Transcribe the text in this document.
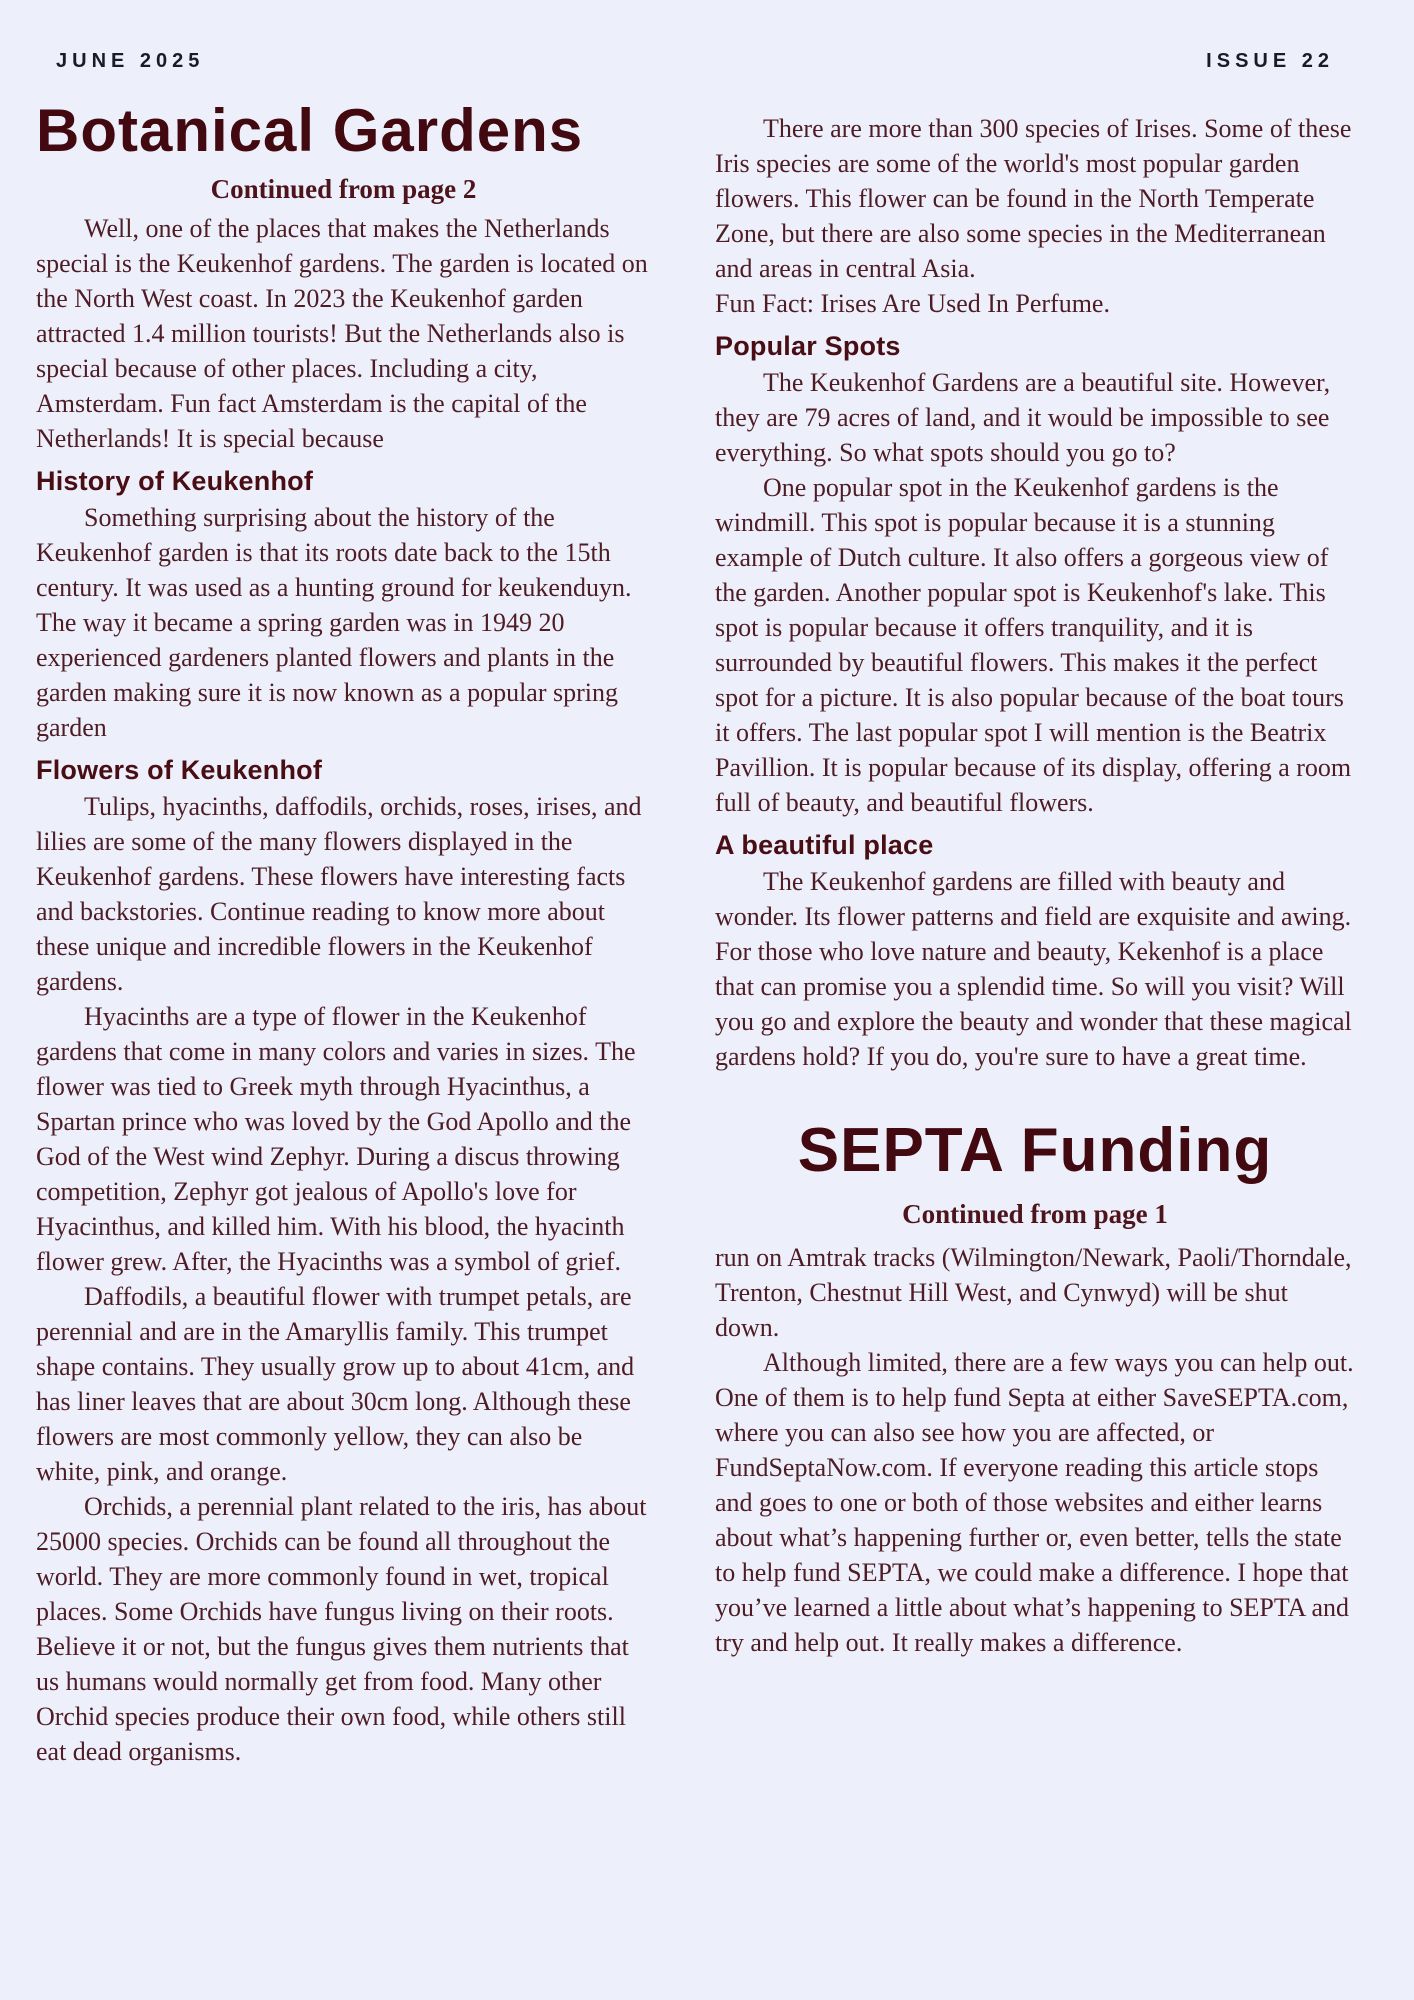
JUNE 2025	ISSUE 22
Botanical Gardens
Continued from page 2

Well, one of the places that makes the Netherlands special is the Keukenhof gardens. The garden is located on the North West coast. In 2023 the Keukenhof garden attracted 1.4 million tourists! But the Netherlands also is special because of other places. Including a city, Amsterdam. Fun fact Amsterdam is the capital of the Netherlands! It is special because

History of Keukenhof

Something surprising about the history of the Keukenhof garden is that its roots date back to the 15th century. It was used as a hunting ground for keukenduyn. The way it became a spring garden was in 1949 20 experienced gardeners planted flowers and plants in the garden making sure it is now known as a popular spring garden

Flowers of Keukenhof

Tulips, hyacinths, daffodils, orchids, roses, irises, and lilies are some of the many flowers displayed in the Keukenhof gardens. These flowers have interesting facts and backstories. Continue reading to know more about these unique and incredible flowers in the Keukenhof gardens.

Hyacinths are a type of flower in the Keukenhof gardens that come in many colors and varies in sizes. The flower was tied to Greek myth through Hyacinthus, a Spartan prince who was loved by the God Apollo and the God of the West wind Zephyr. During a discus throwing competition, Zephyr got jealous of Apollo's love for Hyacinthus, and killed him. With his blood, the hyacinth flower grew. After, the Hyacinths was a symbol of grief.

Daffodils, a beautiful flower with trumpet petals, are perennial and are in the Amaryllis family. This trumpet shape contains. They usually grow up to about 41cm, and has liner leaves that are about 30cm long. Although these flowers are most commonly yellow, they can also be white, pink, and orange.

Orchids, a perennial plant related to the iris, has about 25000 species. Orchids can be found all throughout the world. They are more commonly found in wet, tropical places. Some Orchids have fungus living on their roots. Believe it or not, but the fungus gives them nutrients that us humans would normally get from food. Many other Orchid species produce their own food, while others still eat dead organisms.

There are more than 300 species of Irises. Some of these Iris species are some of the world's most popular garden flowers. This flower can be found in the North Temperate Zone, but there are also some species in the Mediterranean and areas in central Asia.

Fun Fact: Irises Are Used In Perfume.

Popular Spots

The Keukenhof Gardens are a beautiful site. However, they are 79 acres of land, and it would be impossible to see everything. So what spots should you go to?

One popular spot in the Keukenhof gardens is the windmill. This spot is popular because it is a stunning example of Dutch culture. It also offers a gorgeous view of the garden. Another popular spot is Keukenhof's lake. This spot is popular because it offers tranquility, and it is surrounded by beautiful flowers. This makes it the perfect spot for a picture. It is also popular because of the boat tours it offers. The last popular spot I will mention is the Beatrix Pavillion. It is popular because of its display, offering a room full of beauty, and beautiful flowers.

A beautiful place

The Keukenhof gardens are filled with beauty and wonder. Its flower patterns and field are exquisite and awing. For those who love nature and beauty, Kekenhof is a place that can promise you a splendid time. So will you visit? Will you go and explore the beauty and wonder that these magical gardens hold? If you do, you're sure to have a great time.

SEPTA Funding
Continued from page 1

run on Amtrak tracks (Wilmington/Newark, Paoli/Thorndale, Trenton, Chestnut Hill West, and Cynwyd) will be shut down.

Although limited, there are a few ways you can help out. One of them is to help fund Septa at either SaveSEPTA.com, where you can also see how you are affected, or FundSeptaNow.com. If everyone reading this article stops and goes to one or both of those websites and either learns about what’s happening further or, even better, tells the state to help fund SEPTA, we could make a difference. I hope that you’ve learned a little about what’s happening to SEPTA and try and help out. It really makes a difference.
